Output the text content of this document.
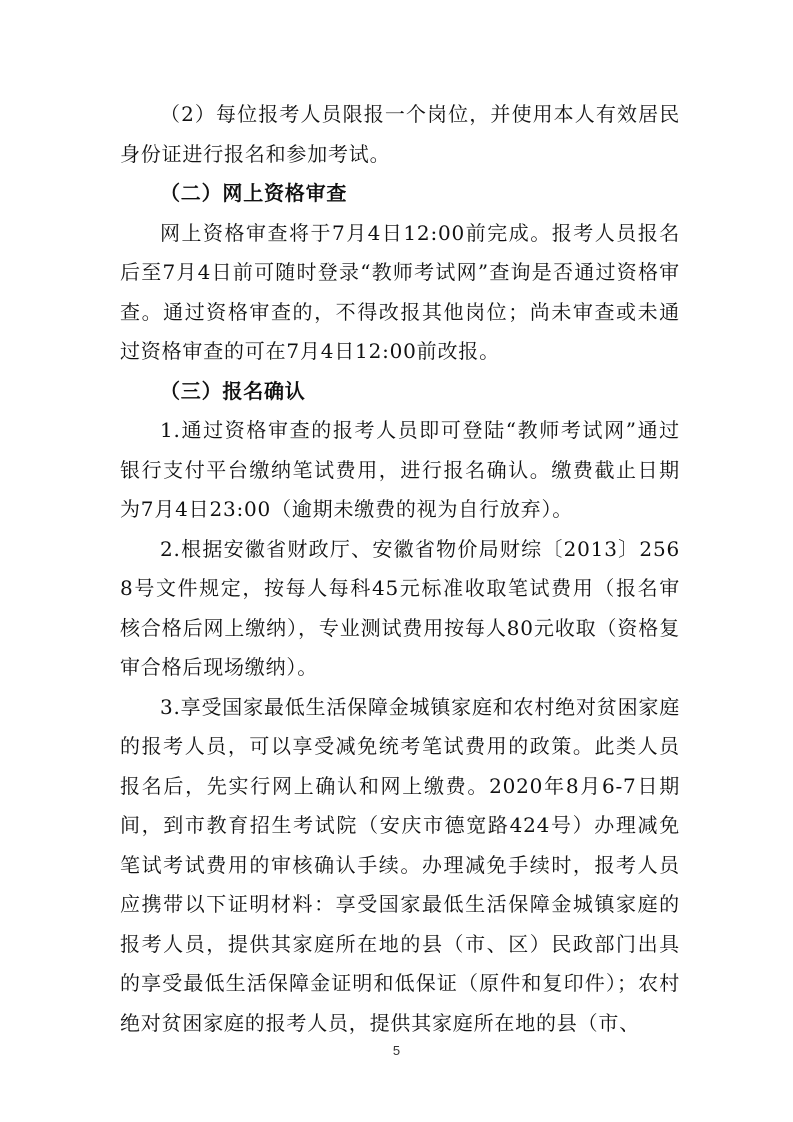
（2）每位报考人员限报一个岗位，并使用本人有效居民身份证进行报名和参加考试。

（二）网上资格审查

网上资格审查将于7月4日12:00前完成。报考人员报名后至7月4日前可随时登录“教师考试网”查询是否通过资格审查。通过资格审查的，不得改报其他岗位；尚未审查或未通过资格审查的可在7月4日12:00前改报。

（三）报名确认

1.通过资格审查的报考人员即可登陆“教师考试网”通过银行支付平台缴纳笔试费用，进行报名确认。缴费截止日期为7月4日23:00（逾期未缴费的视为自行放弃）。

2.根据安徽省财政厅、安徽省物价局财综〔2013〕2568号文件规定，按每人每科45元标准收取笔试费用（报名审核合格后网上缴纳），专业测试费用按每人80元收取（资格复审合格后现场缴纳）。

3.享受国家最低生活保障金城镇家庭和农村绝对贫困家庭的报考人员，可以享受减免统考笔试费用的政策。此类人员报名后，先实行网上确认和网上缴费。2020年8月6-7日期间，到市教育招生考试院（安庆市德宽路424号）办理减免笔试考试费用的审核确认手续。办理减免手续时，报考人员应携带以下证明材料：享受国家最低生活保障金城镇家庭的报考人员，提供其家庭所在地的县（市、区）民政部门出具的享受最低生活保障金证明和低保证（原件和复印件）；农村绝对贫困家庭的报考人员，提供其家庭所在地的县（市、

5
